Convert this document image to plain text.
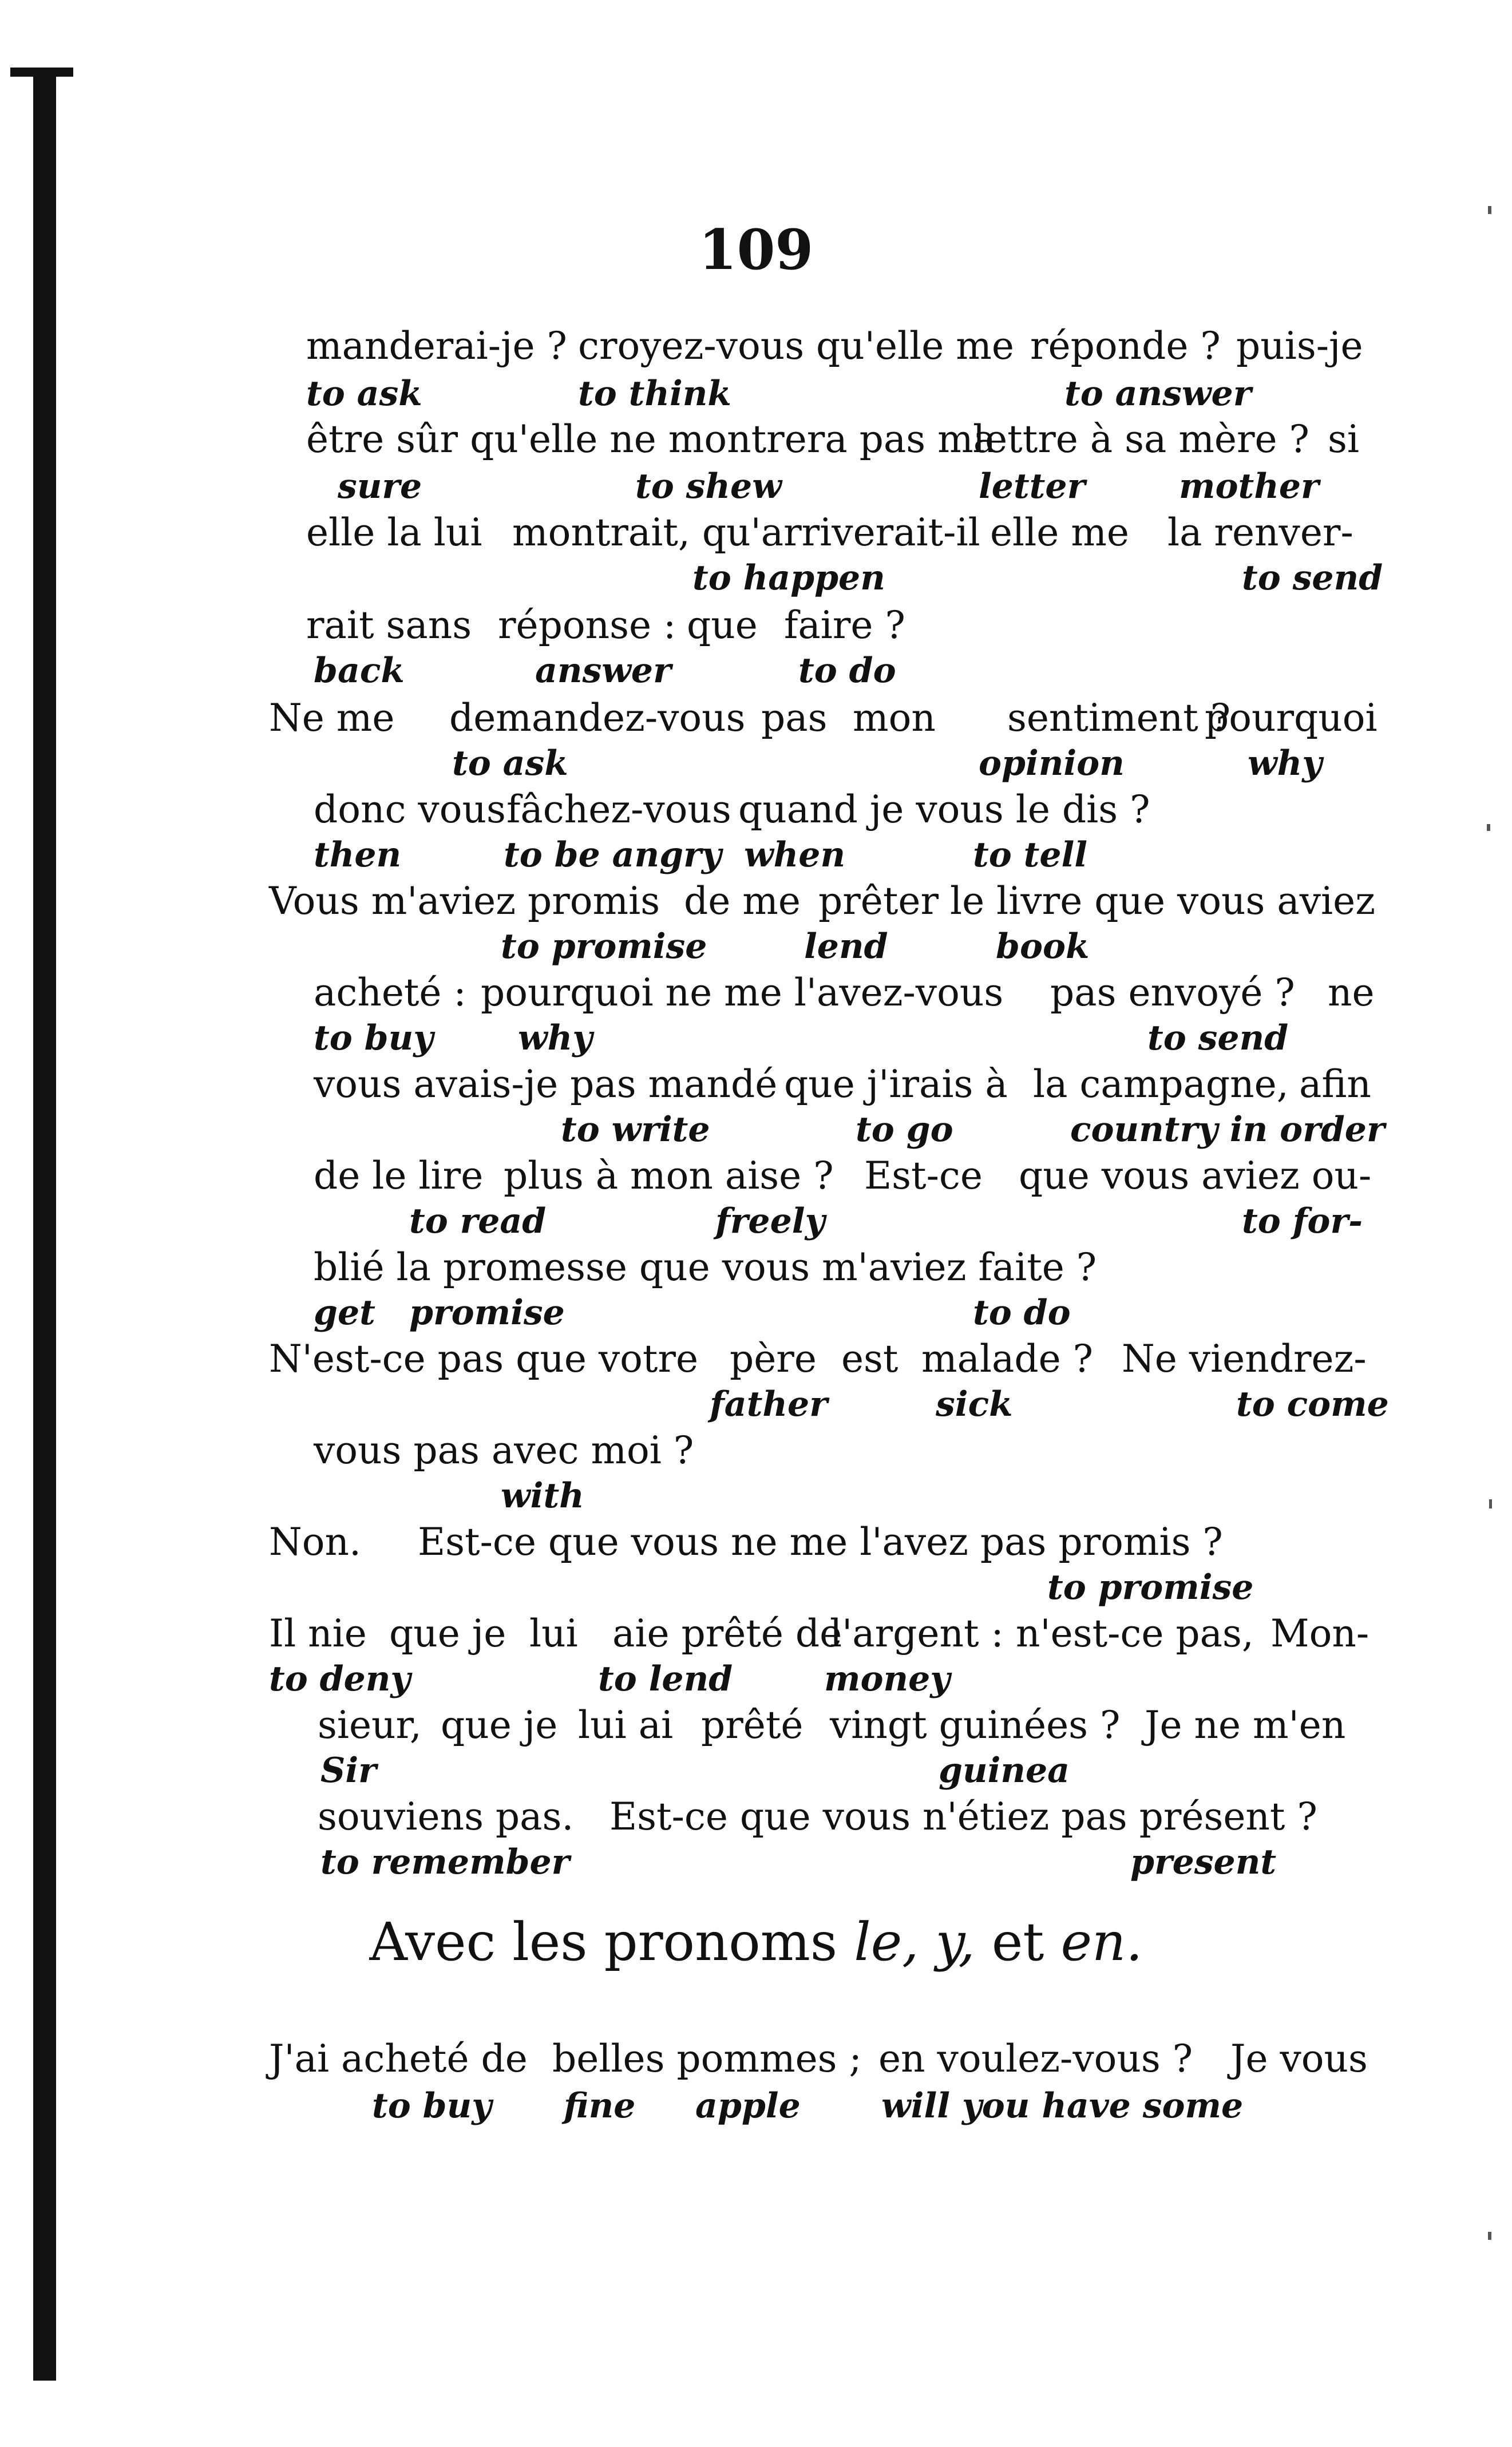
109
manderai-je ? croyez-vous qu'elle me réponde ? puis-je
to ask	to think	to answer
être sûr qu'elle ne montrera pas ma
lettre à sa mère ? si
sure	to shew	letter	mother
elle la lui montrait, qu'arriverait-il elle me la renver-
to happen	to send
rait sans réponse : que faire ?
back	answer	to do
Ne me demandez-vous pas mon sentiment ?
pourquoi
to ask	opinion	why
donc vous fâchez-vous quand je vous le dis ?
then	to be angry when	to tell
Vous m'aviez promis de me prêter le livre que vous aviez
to promise	lend	book
acheté : pourquoi ne me l'avez-vous pas envoyé ? ne
to buy why	to send
vous avais-je pas mandé que j'irais à la campagne, afin
to write	to go	country in order
de le lire plus à mon aise ? Est-ce que vous aviez ou-
to read	freely	to for-
blié la promesse que vous m'aviez faite ?
get promise	to do
N'est-ce pas que votre père est malade ? Ne viendrez-
father	sick	to come
vous pas avec moi ?
with
Non. Est-ce que vous ne me l'avez pas promis ?
to promise
Il nie que je lui aie prêté de
l'argent : n'est-ce pas, Mon-
to deny	to lend	money
sieur, que je lui ai prêté vingt guinées ? Je ne m'en
Sir	guinea
souviens pas. Est-ce que vous n'étiez pas présent ?
to remember	present
Avec les pronoms le, y, et en.
J'ai acheté de belles pommes ; en voulez-vous ? Je vous
to buy fine apple will you have some
